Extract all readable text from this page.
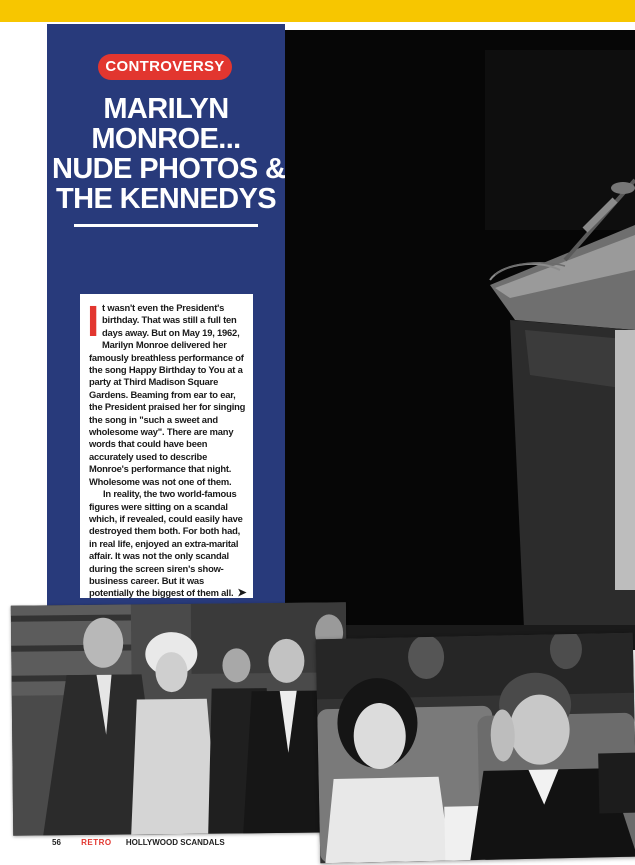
CONTROVERSY
MARILYN
MONROE...
NUDE PHOTOS &
THE KENNEDYS
I t wasn't even the President's birthday. That was still a full ten days away. But on May 19, 1962, Marilyn Monroe delivered her famously breathless performance of the song Happy Birthday to You at a party at Third Madison Square Gardens. Beaming from ear to ear, the President praised her for singing the song in "such a sweet and wholesome way". There are many words that could have been accurately used to describe Monroe's performance that night. Wholesome was not one of them.

In reality, the two world-famous figures were sitting on a scandal which, if revealed, could easily have destroyed them both. For both had, in real life, enjoyed an extra-marital affair. It was not the only scandal during the screen siren's show-business career. But it was potentially the biggest of them all. ➤

56	RETRO HOLLYWOOD SCANDALS
